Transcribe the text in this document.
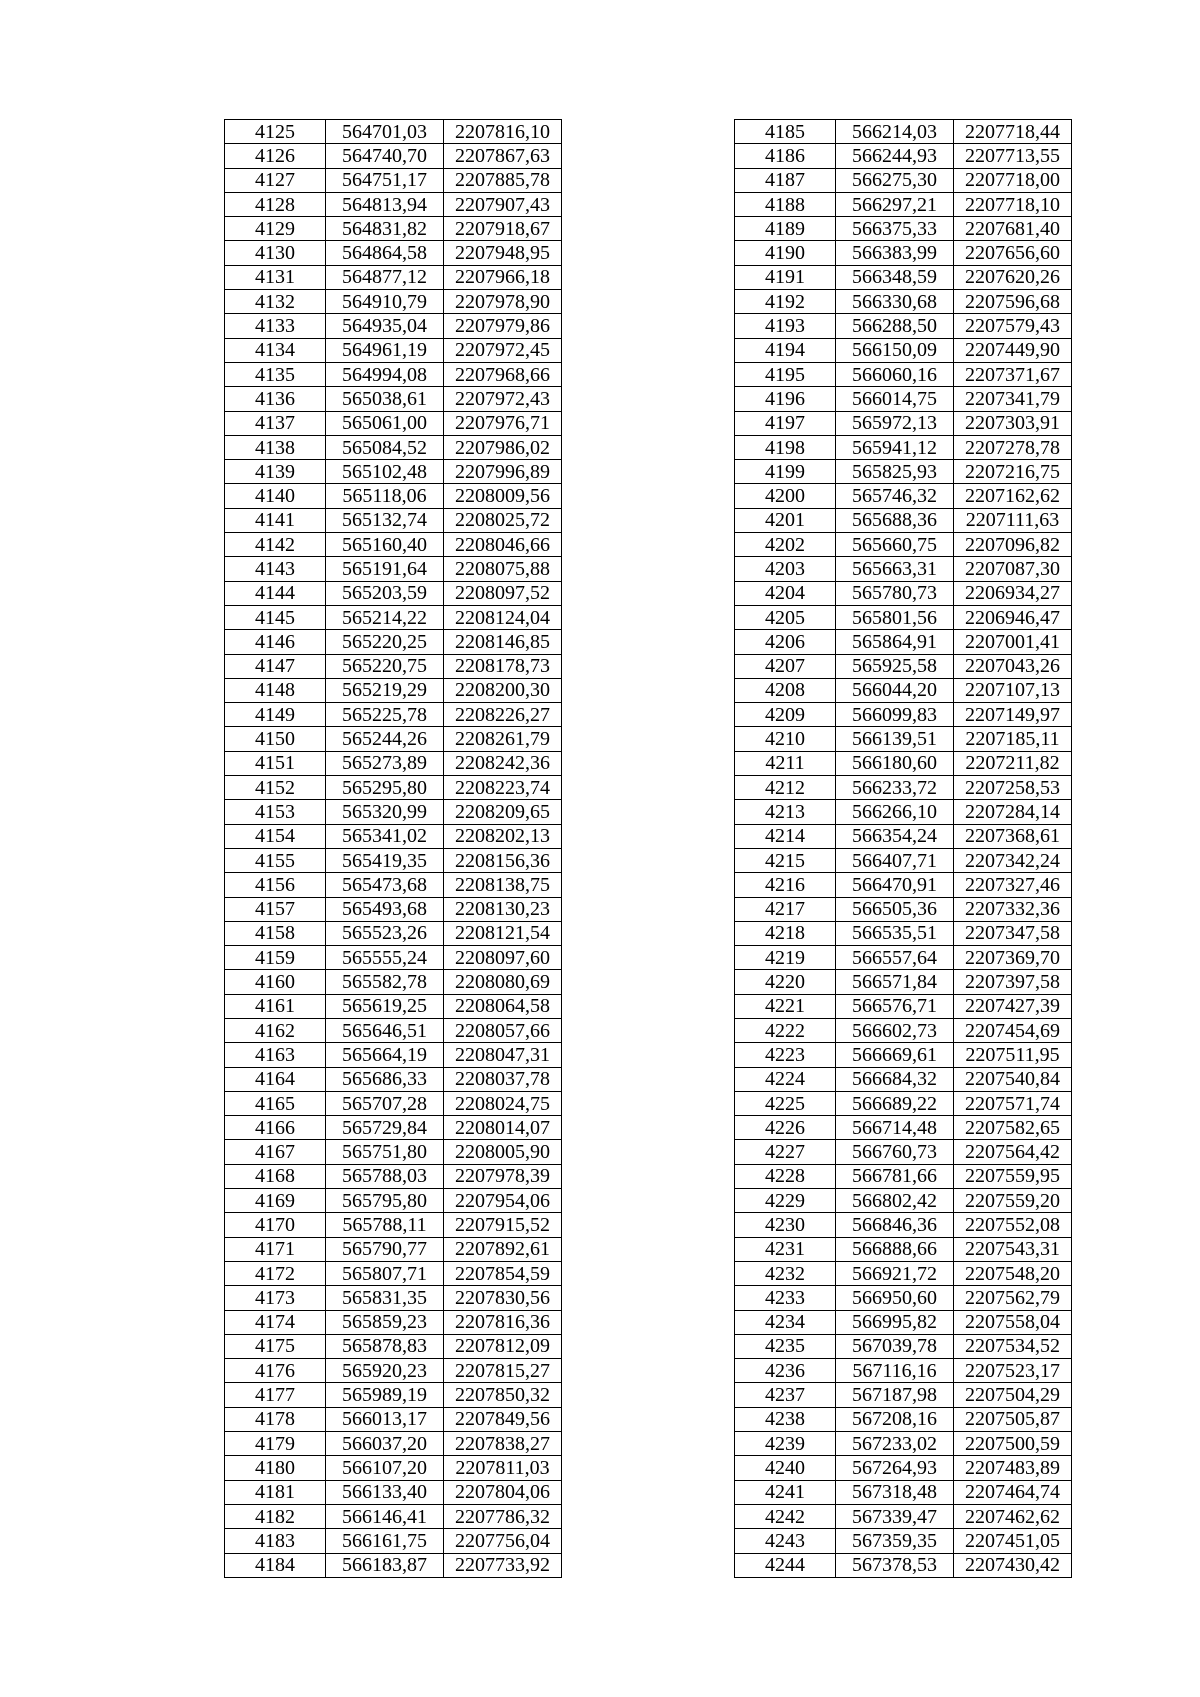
4125	564701,03	2207816,10
4126	564740,70	2207867,63
4127	564751,17	2207885,78
4128	564813,94	2207907,43
4129	564831,82	2207918,67
4130	564864,58	2207948,95
4131	564877,12	2207966,18
4132	564910,79	2207978,90
4133	564935,04	2207979,86
4134	564961,19	2207972,45
4135	564994,08	2207968,66
4136	565038,61	2207972,43
4137	565061,00	2207976,71
4138	565084,52	2207986,02
4139	565102,48	2207996,89
4140	565118,06	2208009,56
4141	565132,74	2208025,72
4142	565160,40	2208046,66
4143	565191,64	2208075,88
4144	565203,59	2208097,52
4145	565214,22	2208124,04
4146	565220,25	2208146,85
4147	565220,75	2208178,73
4148	565219,29	2208200,30
4149	565225,78	2208226,27
4150	565244,26	2208261,79
4151	565273,89	2208242,36
4152	565295,80	2208223,74
4153	565320,99	2208209,65
4154	565341,02	2208202,13
4155	565419,35	2208156,36
4156	565473,68	2208138,75
4157	565493,68	2208130,23
4158	565523,26	2208121,54
4159	565555,24	2208097,60
4160	565582,78	2208080,69
4161	565619,25	2208064,58
4162	565646,51	2208057,66
4163	565664,19	2208047,31
4164	565686,33	2208037,78
4165	565707,28	2208024,75
4166	565729,84	2208014,07
4167	565751,80	2208005,90
4168	565788,03	2207978,39
4169	565795,80	2207954,06
4170	565788,11	2207915,52
4171	565790,77	2207892,61
4172	565807,71	2207854,59
4173	565831,35	2207830,56
4174	565859,23	2207816,36
4175	565878,83	2207812,09
4176	565920,23	2207815,27
4177	565989,19	2207850,32
4178	566013,17	2207849,56
4179	566037,20	2207838,27
4180	566107,20	2207811,03
4181	566133,40	2207804,06
4182	566146,41	2207786,32
4183	566161,75	2207756,04
4184	566183,87	2207733,92
4185	566214,03	2207718,44
4186	566244,93	2207713,55
4187	566275,30	2207718,00
4188	566297,21	2207718,10
4189	566375,33	2207681,40
4190	566383,99	2207656,60
4191	566348,59	2207620,26
4192	566330,68	2207596,68
4193	566288,50	2207579,43
4194	566150,09	2207449,90
4195	566060,16	2207371,67
4196	566014,75	2207341,79
4197	565972,13	2207303,91
4198	565941,12	2207278,78
4199	565825,93	2207216,75
4200	565746,32	2207162,62
4201	565688,36	2207111,63
4202	565660,75	2207096,82
4203	565663,31	2207087,30
4204	565780,73	2206934,27
4205	565801,56	2206946,47
4206	565864,91	2207001,41
4207	565925,58	2207043,26
4208	566044,20	2207107,13
4209	566099,83	2207149,97
4210	566139,51	2207185,11
4211	566180,60	2207211,82
4212	566233,72	2207258,53
4213	566266,10	2207284,14
4214	566354,24	2207368,61
4215	566407,71	2207342,24
4216	566470,91	2207327,46
4217	566505,36	2207332,36
4218	566535,51	2207347,58
4219	566557,64	2207369,70
4220	566571,84	2207397,58
4221	566576,71	2207427,39
4222	566602,73	2207454,69
4223	566669,61	2207511,95
4224	566684,32	2207540,84
4225	566689,22	2207571,74
4226	566714,48	2207582,65
4227	566760,73	2207564,42
4228	566781,66	2207559,95
4229	566802,42	2207559,20
4230	566846,36	2207552,08
4231	566888,66	2207543,31
4232	566921,72	2207548,20
4233	566950,60	2207562,79
4234	566995,82	2207558,04
4235	567039,78	2207534,52
4236	567116,16	2207523,17
4237	567187,98	2207504,29
4238	567208,16	2207505,87
4239	567233,02	2207500,59
4240	567264,93	2207483,89
4241	567318,48	2207464,74
4242	567339,47	2207462,62
4243	567359,35	2207451,05
4244	567378,53	2207430,42
